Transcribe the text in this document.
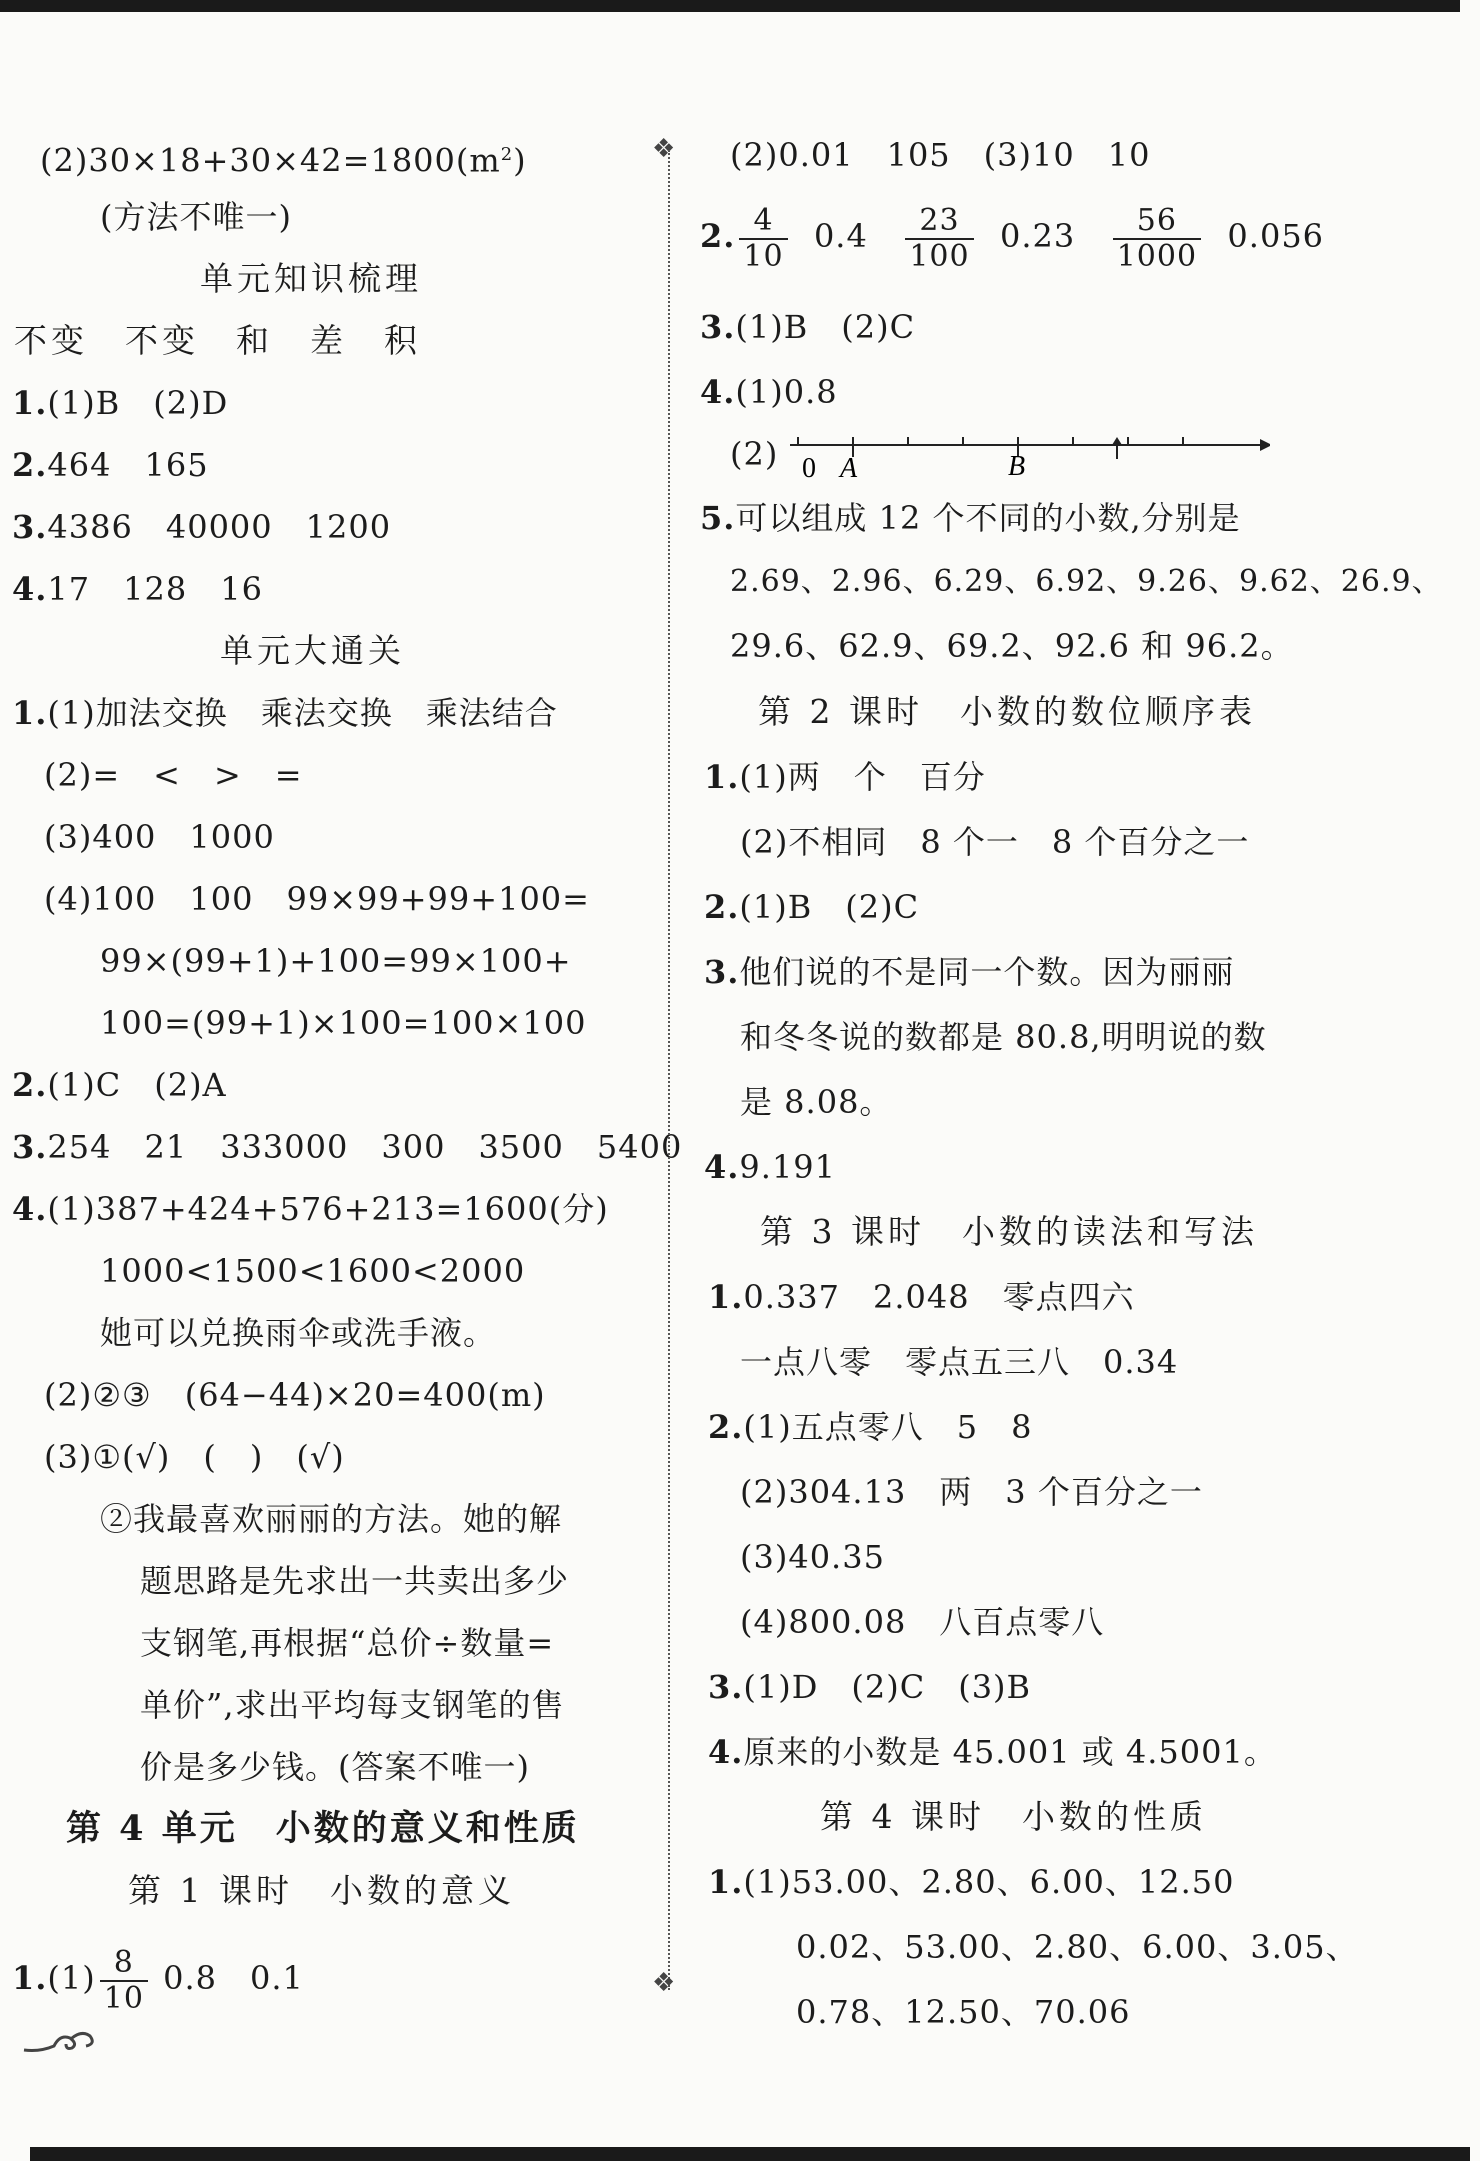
$(2)30\times 18+30\times 42=1800(m^2)$
(方法不唯一)
单元知识梳理
不变　不变　和　差　积
1.(1)B　(2)D
2.464　165
3.4386　40000　1200
4.17　128　16
单元大通关
1.(1)加法交换　乘法交换　乘法结合
(2)=　<　>　=
(3)400　1000
(4)100　100　99×99+99+100=
99×(99+1)+100=99×100+
100=(99+1)×100=100×100
2.(1)C　(2)A
3.254　21　333000　300　3500　5400
4.(1)387+424+576+213=1600(分)
1000<1500<1600<2000
她可以兑换雨伞或洗手液。
(2)②③　(64−44)×20=400(m)
(3)①(√)　(　)　(√)
②我最喜欢丽丽的方法。她的解
题思路是先求出一共卖出多少
支钢笔,再根据“总价÷数量=
单价”,求出平均每支钢笔的售
价是多少钱。(答案不唯一)
第 4 单元　小数的意义和性质
第 1 课时　小数的意义
$1.(1) \frac{8}{10} 0.8$　0.1
❖
❖
(2)0.01　105　(3)10　10
2. $\frac{4}{10} 0.4 \frac{23}{100} 0.23 \frac{56}{1000} 0.056$
3.(1)B　(2)C
4.(1)0.8
(2) 0 A	B
5.可以组成 12 个不同的小数,分别是
2.69、2.96、6.29、6.92、9.26、9.62、26.9、
29.6、62.9、69.2、92.6 和 96.2。
第 2 课时　小数的数位顺序表
1.(1)两　个　百分
(2)不相同　8 个一　8 个百分之一
2.(1)B　(2)C
3.他们说的不是同一个数。因为丽丽
和冬冬说的数都是 80.8,明明说的数
是 8.08。
4.9.191
第 3 课时　小数的读法和写法
1.0.337　2.048　零点四六
一点八零　零点五三八　0.34
2.(1)五点零八　5　8
(2)304.13　两　3 个百分之一
(3)40.35
(4)800.08　八百点零八
3.(1)D　(2)C　(3)B
4.原来的小数是 45.001 或 4.5001。
第 4 课时　小数的性质
1.(1)53.00、2.80、6.00、12.50
0.02、53.00、2.80、6.00、3.05、
0.78、12.50、70.06
